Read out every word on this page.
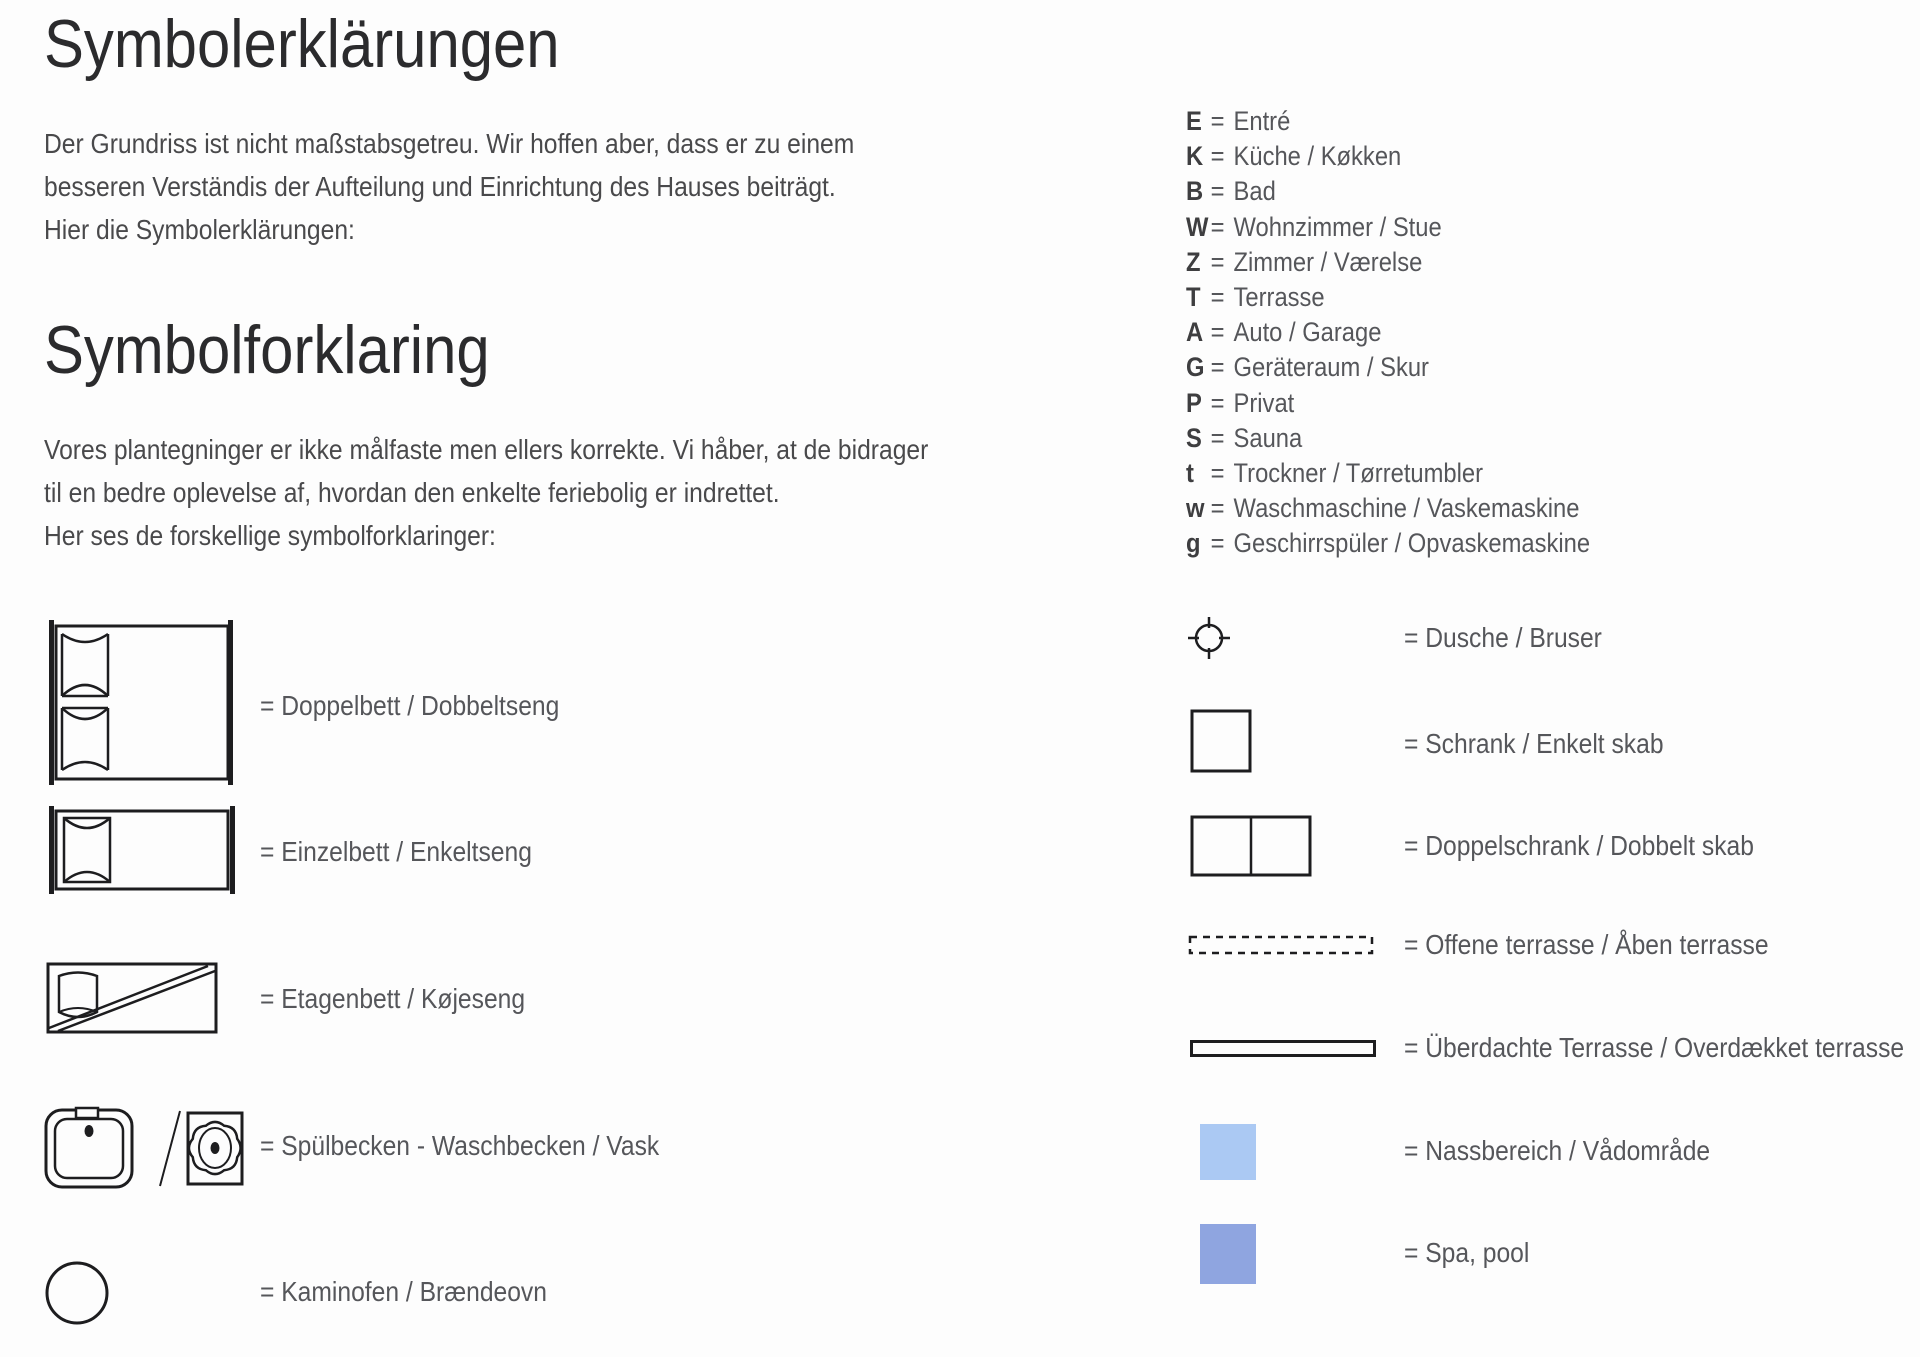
Symbolerklärungen
Der Grundriss ist nicht maßstabsgetreu. Wir hoffen aber, dass er zu einem
besseren Verständis der Aufteilung und Einrichtung des Hauses beiträgt.
Hier die Symbolerklärungen:
Symbolforklaring
Vores plantegninger er ikke målfaste men ellers korrekte. Vi håber, at de bidrager
til en bedre oplevelse af, hvordan den enkelte feriebolig er indrettet.
Her ses de forskellige symbolforklaringer:
E = Entré
K = Küche / Køkken
B = Bad
W= Wohnzimmer / Stue
Z = Zimmer / Værelse
T = Terrasse
A = Auto / Garage
G = Geräteraum / Skur
P = Privat
S = Sauna
t = Trockner / Tørretumbler
w = Waschmaschine / Vaskemaskine
g = Geschirrspüler / Opvaskemaskine
= Doppelbett / Dobbeltseng
= Einzelbett / Enkeltseng
= Etagenbett / Køjeseng
= Spülbecken - Waschbecken / Vask
= Kaminofen / Brændeovn
= Dusche / Bruser
= Schrank / Enkelt skab
= Doppelschrank / Dobbelt skab
= Offene terrasse / Åben terrasse
= Überdachte Terrasse / Overdækket terrasse
= Nassbereich / Vådområde
= Spa, pool
